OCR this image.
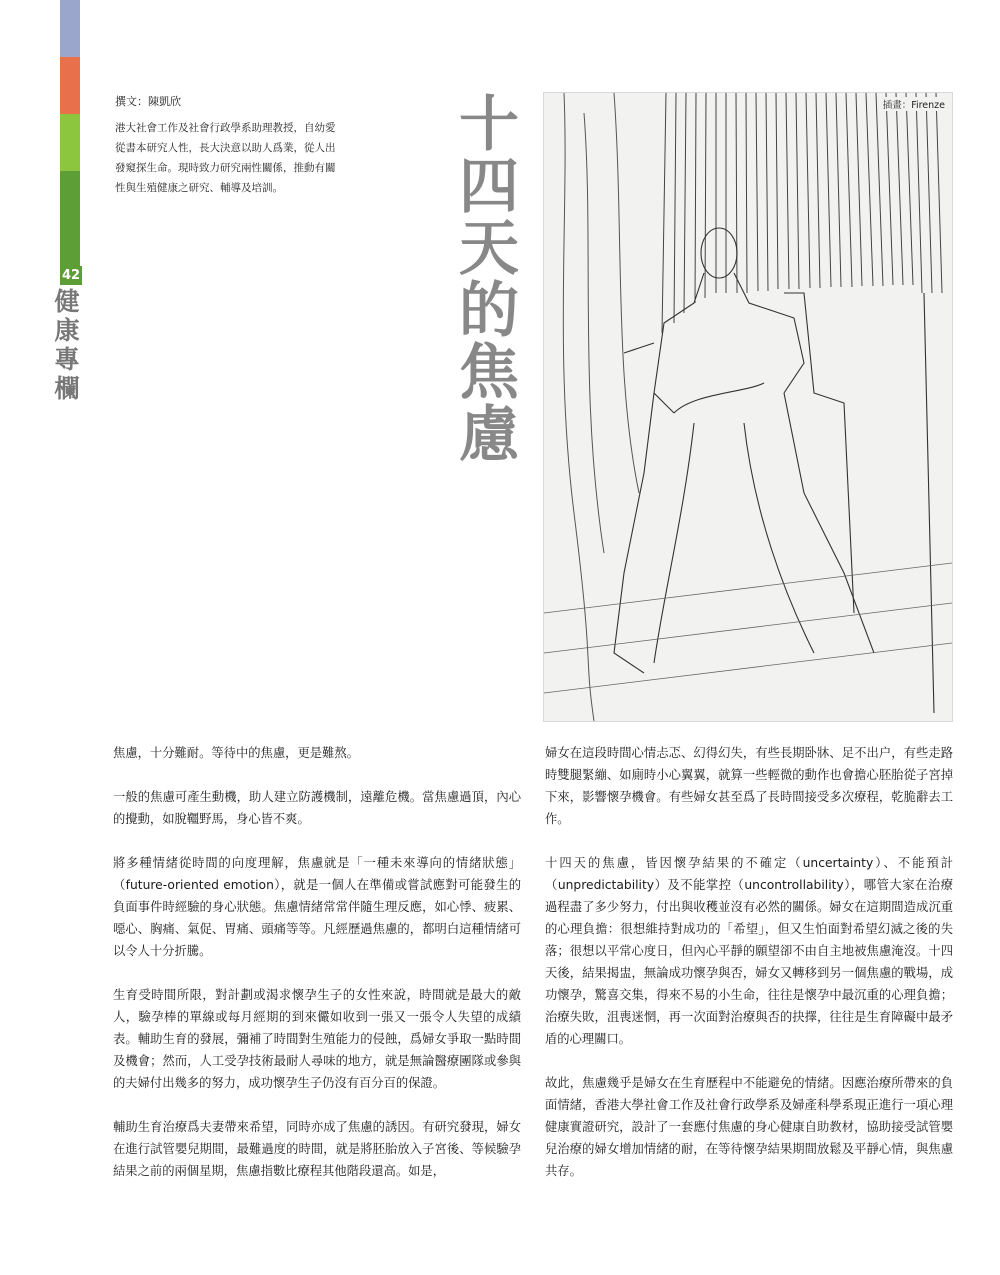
42
健康專欄
撰文：陳凱欣
港大社會工作及社會行政學系助理教授，自幼愛從書本研究人性，長大決意以助人爲業，從人出發窺探生命。現時致力研究兩性關係，推動有關性與生殖健康之研究、輔導及培訓。	十四天的焦慮	插畫：Firenze

焦慮，十分難耐。等待中的焦慮，更是難熬。

一般的焦慮可產生動機，助人建立防護機制，遠離危機。當焦慮過頂，內心的攪動，如脫韁野馬，身心皆不爽。

將多種情緒從時間的向度理解，焦慮就是「一種未來導向的情緒狀態」（future-oriented emotion），就是一個人在準備或嘗試應對可能發生的負面事件時經驗的身心狀態。焦慮情緒常常伴隨生理反應，如心悸、疲累、噁心、胸痛、氣促、胃痛、頭痛等等。凡經歷過焦慮的，都明白這種情緒可以令人十分折騰。

生育受時間所限，對計劃或渴求懷孕生子的女性來說，時間就是最大的敵人，驗孕棒的單線或每月經期的到來儼如收到一張又一張令人失望的成績表。輔助生育的發展，彌補了時間對生殖能力的侵蝕，爲婦女爭取一點時間及機會；然而，人工受孕技術最耐人尋味的地方，就是無論醫療團隊或參與的夫婦付出幾多的努力，成功懷孕生子仍沒有百分百的保證。

輔助生育治療爲夫妻帶來希望，同時亦成了焦慮的誘因。有研究發現，婦女在進行試管嬰兒期間，最難過度的時間，就是將胚胎放入子宮後、等候驗孕結果之前的兩個星期，焦慮指數比療程其他階段還高。如是，

婦女在這段時間心情忐忑、幻得幻失，有些長期卧牀、足不出户，有些走路時雙腿緊繃、如廁時小心翼翼，就算一些輕微的動作也會擔心胚胎從子宮掉下來，影響懷孕機會。有些婦女甚至爲了長時間接受多次療程，乾脆辭去工作。

十四天的焦慮，皆因懷孕結果的不確定（uncertainty）、不能預計（unpredictability）及不能掌控（uncontrollability），哪管大家在治療過程盡了多少努力，付出與收穫並沒有必然的關係。婦女在這期間造成沉重的心理負擔：很想維持對成功的「希望」，但又生怕面對希望幻滅之後的失落；很想以平常心度日，但內心平靜的願望卻不由自主地被焦慮淹沒。十四天後，結果揭盅，無論成功懷孕與否，婦女又轉移到另一個焦慮的戰場，成功懷孕，驚喜交集，得來不易的小生命，往往是懷孕中最沉重的心理負擔；治療失敗，沮喪迷惘，再一次面對治療與否的抉擇，往往是生育障礙中最矛盾的心理關口。

故此，焦慮幾乎是婦女在生育歷程中不能避免的情緒。因應治療所帶來的負面情緒，香港大學社會工作及社會行政學系及婦產科學系現正進行一項心理健康實證研究，設計了一套應付焦慮的身心健康自助教材，協助接受試管嬰兒治療的婦女增加情緒的耐，在等待懷孕結果期間放鬆及平靜心情，與焦慮共存。
